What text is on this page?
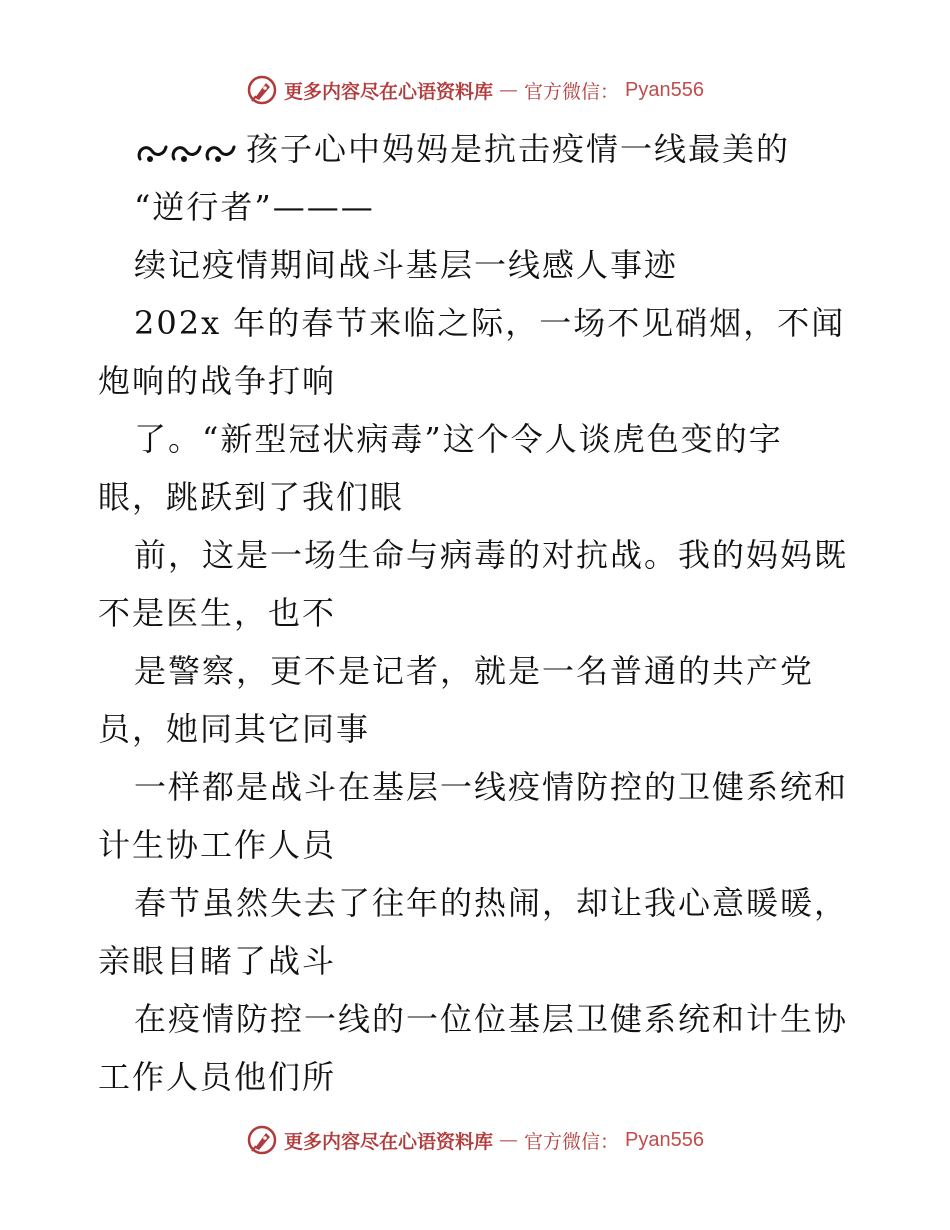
更多内容尽在心语资料库 — 官方微信： Pyan556
孩子心中妈妈是抗击疫情一线最美的
“逆行者”———
续记疫情期间战斗基层一线感人事迹
202x 年的春节来临之际，一场不见硝烟，不闻
炮响的战争打响
了。“新型冠状病毒”这个令人谈虎色变的字
眼，跳跃到了我们眼
前，这是一场生命与病毒的对抗战。我的妈妈既
不是医生，也不
是警察，更不是记者，就是一名普通的共产党
员，她同其它同事
一样都是战斗在基层一线疫情防控的卫健系统和
计生协工作人员
春节虽然失去了往年的热闹，却让我心意暖暖，
亲眼目睹了战斗
在疫情防控一线的一位位基层卫健系统和计生协
工作人员他们所
更多内容尽在心语资料库 — 官方微信： Pyan556
